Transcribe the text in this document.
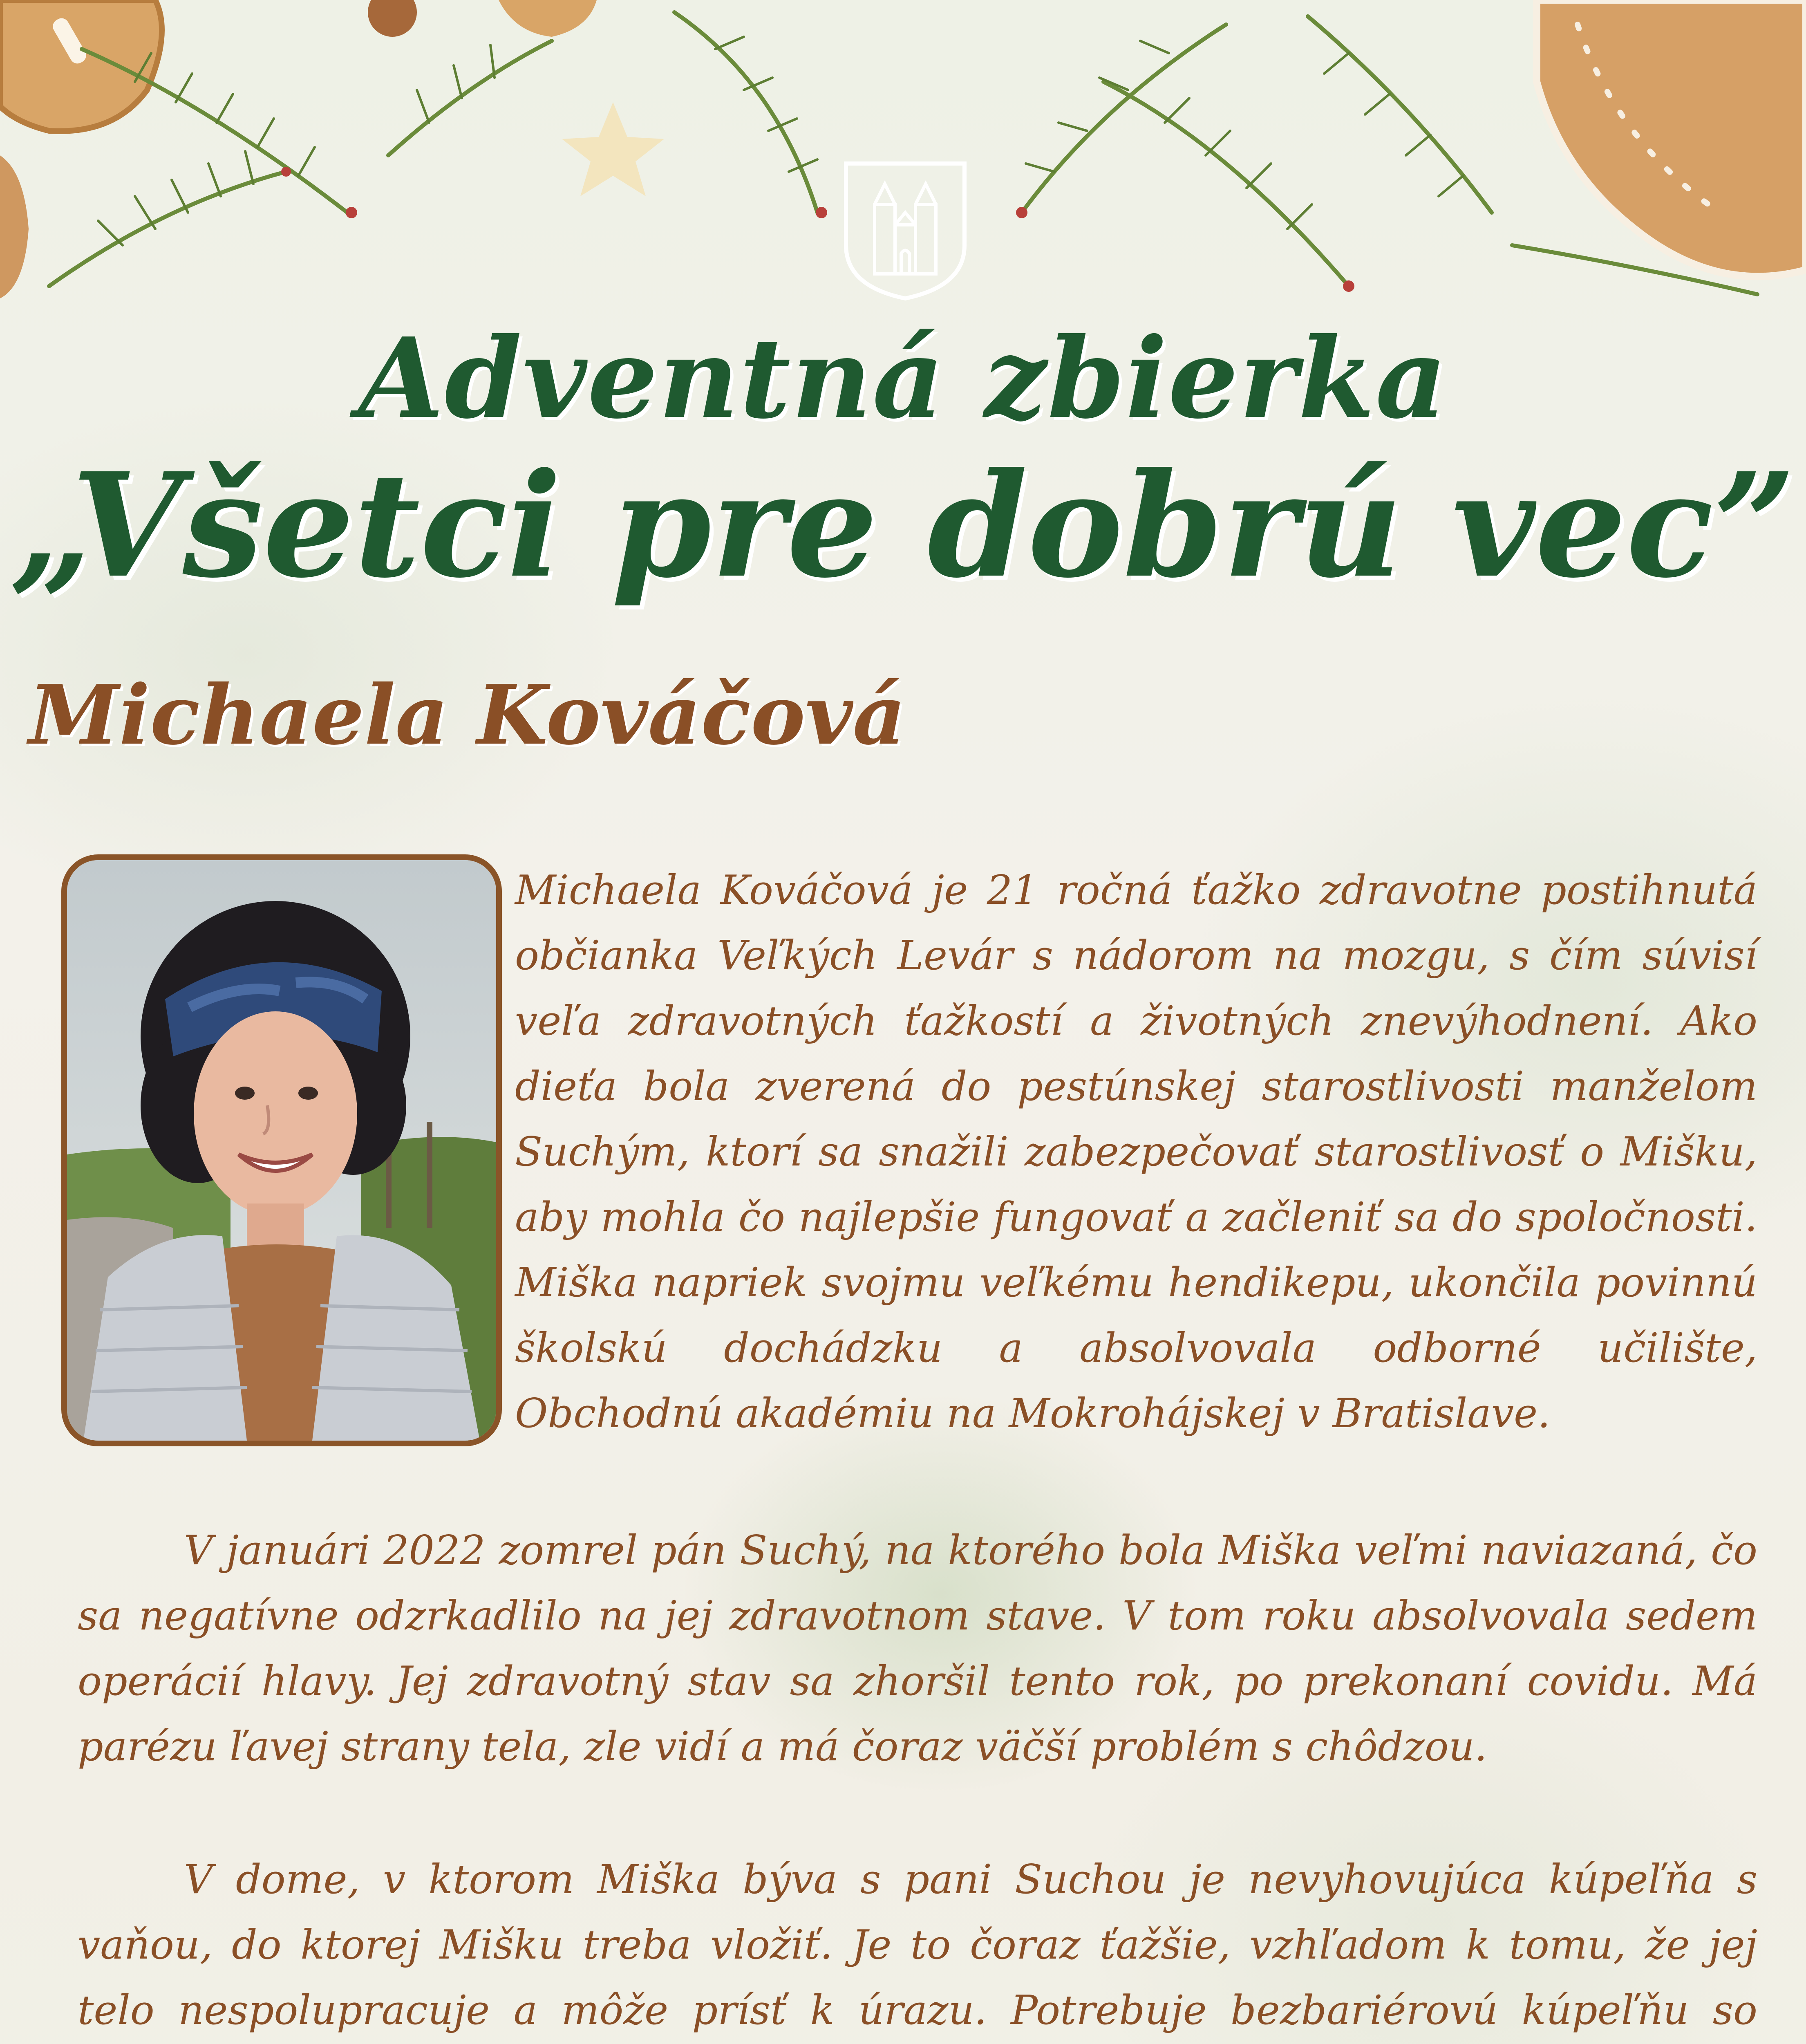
Adventná zbierka
„Všetci pre dobrú vec”
Michaela Kováčová

Michaela Kováčová je 21 ročná ťažko zdravotne postihnutá občianka Veľkých Levár s nádorom na mozgu, s čím súvisí veľa zdravotných ťažkostí a životných znevýhodnení. Ako dieťa bola zverená do pestúnskej starostlivosti manželom Suchým, ktorí sa snažili zabezpečovať starostlivosť o Mišku, aby mohla čo najlepšie fungovať a začleniť sa do spoločnosti. Miška napriek svojmu veľkému hendikepu, ukončila povinnú školskú dochádzku a absolvovala odborné učilište, Obchodnú akadémiu na Mokrohájskej v Bratislave.

V januári 2022 zomrel pán Suchý, na ktorého bola Miška veľmi naviazaná, čo sa negatívne odzrkadlilo na jej zdravotnom stave. V tom roku absolvovala sedem operácií hlavy. Jej zdravotný stav sa zhoršil tento rok, po prekonaní covidu. Má parézu ľavej strany tela, zle vidí a má čoraz väčší problém s chôdzou.

V dome, v ktorom Miška býva s pani Suchou je nevyhovujúca kúpeľňa s vaňou, do ktorej Mišku treba vložiť. Je to čoraz ťažšie, vzhľadom k tomu, že jej telo nespolupracuje a môže prísť k úrazu. Potrebuje bezbariérovú kúpeľňu so
